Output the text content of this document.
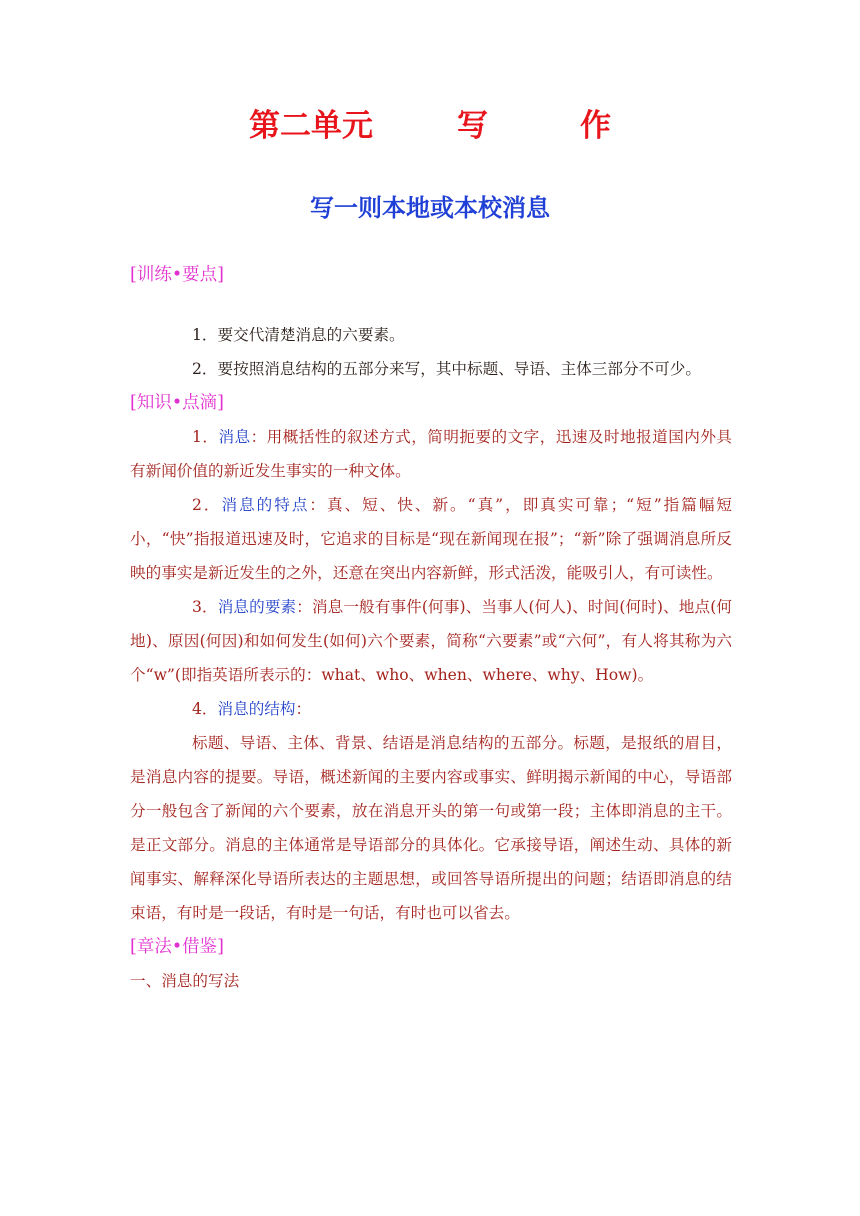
第二单元	写	作
写一则本地或本校消息
[训练•要点]

1．要交代清楚消息的六要素。

2．要按照消息结构的五部分来写，其中标题、导语、主体三部分不可少。

[知识•点滴]

1．消息：用概括性的叙述方式，简明扼要的文字，迅速及时地报道国内外具有新闻价值的新近发生事实的一种文体。

2．消息的特点：真、短、快、新。“真”，即真实可靠；“短”指篇幅短小，“快”指报道迅速及时，它追求的目标是“现在新闻现在报”；“新”除了强调消息所反映的事实是新近发生的之外，还意在突出内容新鲜，形式活泼，能吸引人，有可读性。

3．消息的要素：消息一般有事件(何事)、当事人(何人)、时间(何时)、地点(何地)、原因(何因)和如何发生(如何)六个要素，简称“六要素”或“六何”，有人将其称为六个“w”(即指英语所表示的：what、who、when、where、why、How)。

4．消息的结构：

标题、导语、主体、背景、结语是消息结构的五部分。标题，是报纸的眉目，是消息内容的提要。导语，概述新闻的主要内容或事实、鲜明揭示新闻的中心，导语部分一般包含了新闻的六个要素，放在消息开头的第一句或第一段；主体即消息的主干。是正文部分。消息的主体通常是导语部分的具体化。它承接导语，阐述生动、具体的新闻事实、解释深化导语所表达的主题思想，或回答导语所提出的问题；结语即消息的结束语，有时是一段话，有时是一句话，有时也可以省去。

[章法•借鉴]

一、消息的写法
